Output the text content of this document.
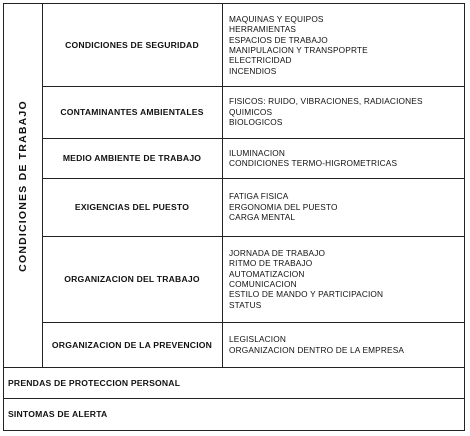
CONDICIONES DE TRABAJO
CONDICIONES DE SEGURIDAD
MAQUINAS Y EQUIPOS
HERRAMIENTAS
ESPACIOS DE TRABAJO
MANIPULACION Y TRANSPOPRTE
ELECTRICIDAD
INCENDIOS
CONTAMINANTES AMBIENTALES
FISICOS: RUIDO, VIBRACIONES, RADIACIONES
QUIMICOS
BIOLOGICOS
MEDIO AMBIENTE DE TRABAJO
ILUMINACION
CONDICIONES TERMO-HIGROMETRICAS
EXIGENCIAS DEL PUESTO
FATIGA FISICA
ERGONOMIA DEL PUESTO
CARGA MENTAL
ORGANIZACION DEL TRABAJO
JORNADA DE TRABAJO
RITMO DE TRABAJO
AUTOMATIZACION
COMUNICACION
ESTILO DE MANDO Y PARTICIPACION
STATUS
ORGANIZACION DE LA PREVENCION
LEGISLACION
ORGANIZACION DENTRO DE LA EMPRESA
PRENDAS DE PROTECCION PERSONAL
SINTOMAS DE ALERTA
